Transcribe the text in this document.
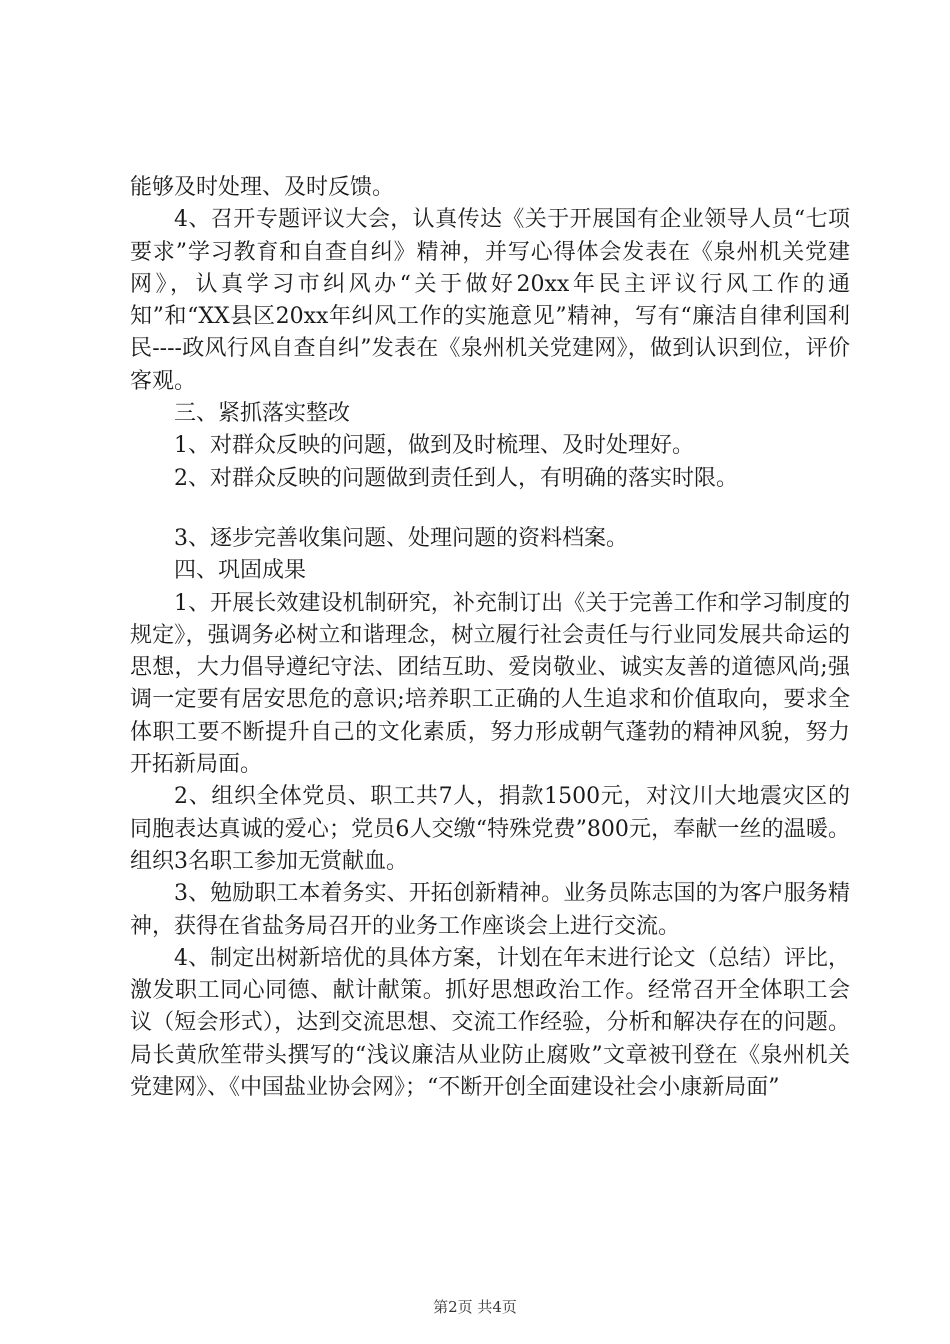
能够及时处理、及时反馈。

4、召开专题评议大会，认真传达《关于开展国有企业领导人员“七项要求”学习教育和自查自纠》精神，并写心得体会发表在《泉州机关党建网》，认真学习市纠风办“关于做好20xx年民主评议行风工作的通知”和“XX县区20xx年纠风工作的实施意见”精神，写有“廉洁自律利国利民----政风行风自查自纠”发表在《泉州机关党建网》，做到认识到位，评价客观。

三、紧抓落实整改

1、对群众反映的问题，做到及时梳理、及时处理好。

2、对群众反映的问题做到责任到人，有明确的落实时限。

3、逐步完善收集问题、处理问题的资料档案。

四、巩固成果

1、开展长效建设机制研究，补充制订出《关于完善工作和学习制度的规定》，强调务必树立和谐理念，树立履行社会责任与行业同发展共命运的思想，大力倡导遵纪守法、团结互助、爱岗敬业、诚实友善的道德风尚;强调一定要有居安思危的意识;培养职工正确的人生追求和价值取向，要求全体职工要不断提升自己的文化素质，努力形成朝气蓬勃的精神风貌，努力开拓新局面。

2、组织全体党员、职工共7人，捐款1500元，对汶川大地震灾区的同胞表达真诚的爱心；党员6人交缴“特殊党费”800元，奉献一丝的温暖。组织3名职工参加无赏献血。

3、勉励职工本着务实、开拓创新精神。业务员陈志国的为客户服务精神，获得在省盐务局召开的业务工作座谈会上进行交流。

4、制定出树新培优的具体方案，计划在年末进行论文（总结）评比，激发职工同心同德、献计献策。抓好思想政治工作。经常召开全体职工会议（短会形式），达到交流思想、交流工作经验，分析和解决存在的问题。局长黄欣笙带头撰写的“浅议廉洁从业防止腐败”文章被刊登在《泉州机关党建网》、《中国盐业协会网》；“不断开创全面建设社会小康新局面”

第2页 共4页
